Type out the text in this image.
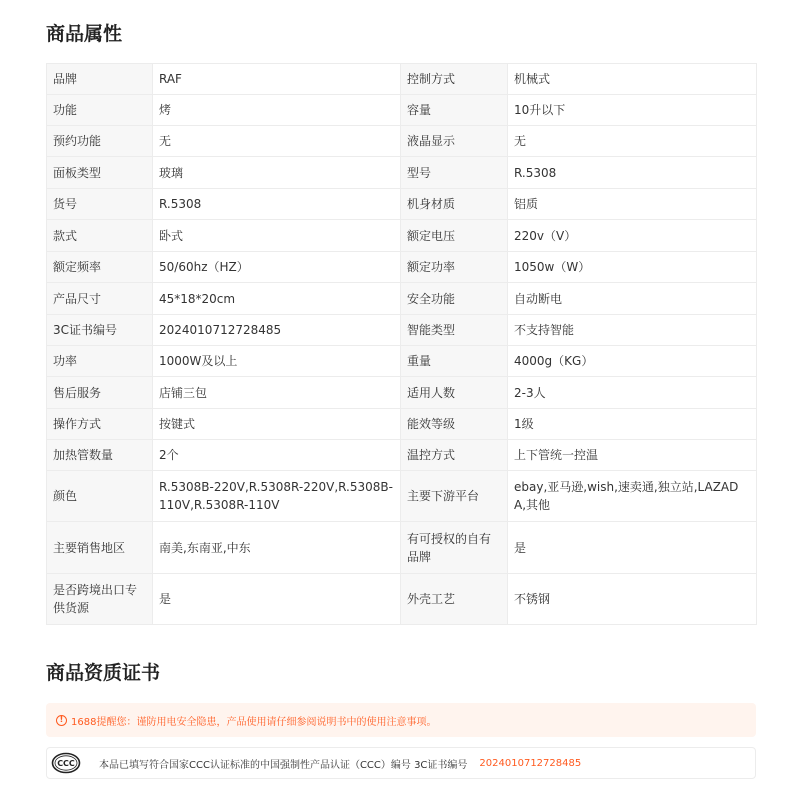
商品属性
品牌	RAF	控制方式	机械式
功能	烤	容量	10升以下
预约功能	无	液晶显示	无
面板类型	玻璃	型号	R.5308
货号	R.5308	机身材质	铝质
款式	卧式	额定电压	220v（V）
额定频率	50/60hz（HZ）	额定功率	1050w（W）
产品尺寸	45*18*20cm	安全功能	自动断电
3C证书编号	2024010712728485	智能类型	不支持智能
功率	1000W及以上	重量	4000g（KG）
售后服务	店铺三包	适用人数	2-3人
操作方式	按键式	能效等级	1级
加热管数量	2个	温控方式	上下管统一控温
颜色	R.5308B-220V,R.5308R-220V,R.5308B-110V,R.5308R-110V	主要下游平台	ebay,亚马逊,wish,速卖通,独立站,LAZADA,其他
主要销售地区	南美,东南亚,中东	有可授权的自有品牌	是
是否跨境出口专供货源	是	外壳工艺	不锈钢
商品资质证书
! 1688提醒您：谨防用电安全隐患，产品使用请仔细参阅说明书中的使用注意事项。
CCC 本品已填写符合国家CCC认证标准的中国强制性产品认证（CCC）编号 3C证书编号 2024010712728485
